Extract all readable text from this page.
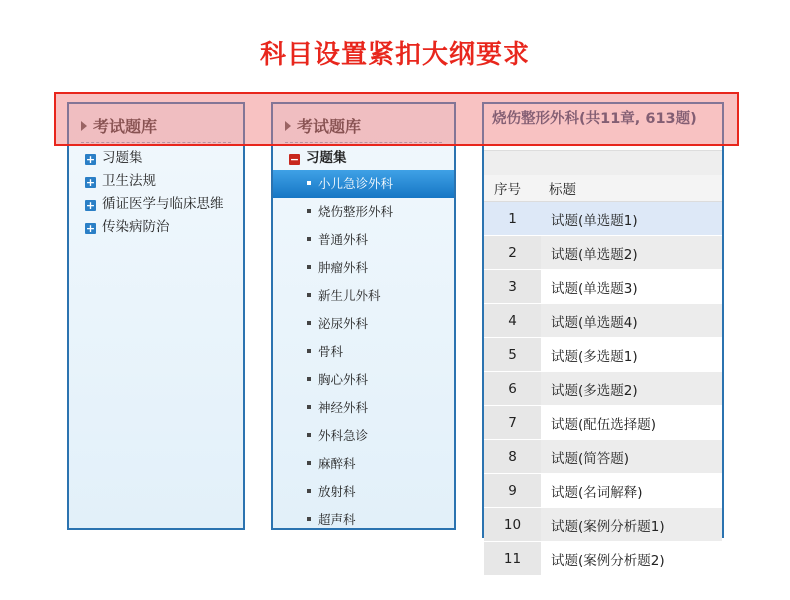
科目设置紧扣大纲要求
考试题库
+ 习题集
+ 卫生法规
+ 循证医学与临床思维
+ 传染病防治
考试题库
− 习题集
小儿急诊外科
烧伤整形外科
普通外科
肿瘤外科
新生儿外科
泌尿外科
骨科
胸心外科
神经外科
外科急诊
麻醉科
放射科
超声科
烧伤整形外科(共11章, 613题)
序号	标题
1	试题(单选题1)
2	试题(单选题2)
3	试题(单选题3)
4	试题(单选题4)
5	试题(多选题1)
6	试题(多选题2)
7	试题(配伍选择题)
8	试题(简答题)
9	试题(名词解释)
10	试题(案例分析题1)
11	试题(案例分析题2)
